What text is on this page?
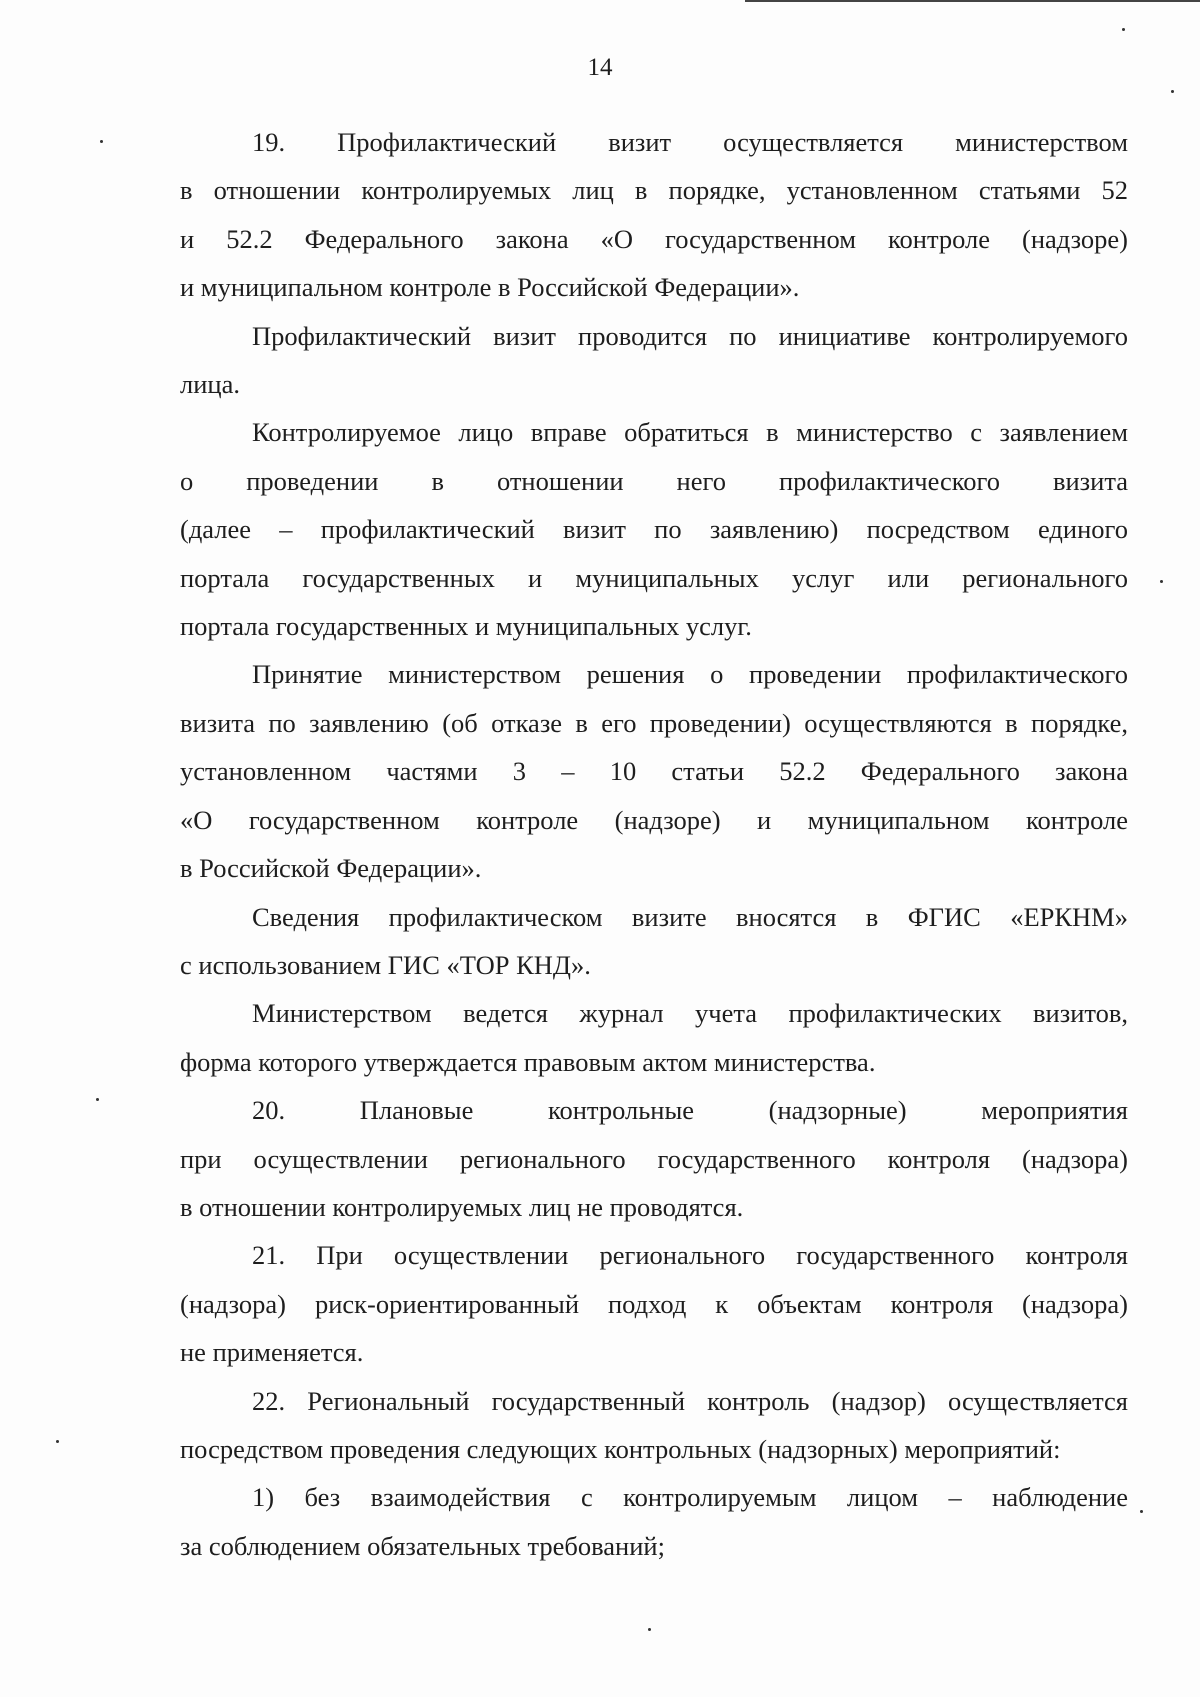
14

19. Профилактический визит осуществляется министерством
в отношении контролируемых лиц в порядке, установленном статьями 52
и 52.2 Федерального закона «О государственном контроле (надзоре)
и муниципальном контроле в Российской Федерации».

Профилактический визит проводится по инициативе контролируемого
лица.

Контролируемое лицо вправе обратиться в министерство с заявлением
о проведении в отношении него профилактического визита
(далее – профилактический визит по заявлению) посредством единого
портала государственных и муниципальных услуг или регионального
портала государственных и муниципальных услуг.

Принятие министерством решения о проведении профилактического
визита по заявлению (об отказе в его проведении) осуществляются в порядке,
установленном частями 3 – 10 статьи 52.2 Федерального закона
«О государственном контроле (надзоре) и муниципальном контроле
в Российской Федерации».

Сведения профилактическом визите вносятся в ФГИС «ЕРКНМ»
с использованием ГИС «ТОР КНД».

Министерством ведется журнал учета профилактических визитов,
форма которого утверждается правовым актом министерства.

20. Плановые контрольные (надзорные) мероприятия
при осуществлении регионального государственного контроля (надзора)
в отношении контролируемых лиц не проводятся.

21. При осуществлении регионального государственного контроля
(надзора) риск-ориентированный подход к объектам контроля (надзора)
не применяется.

22. Региональный государственный контроль (надзор) осуществляется
посредством проведения следующих контрольных (надзорных) мероприятий:

1) без взаимодействия с контролируемым лицом – наблюдение
за соблюдением обязательных требований;
